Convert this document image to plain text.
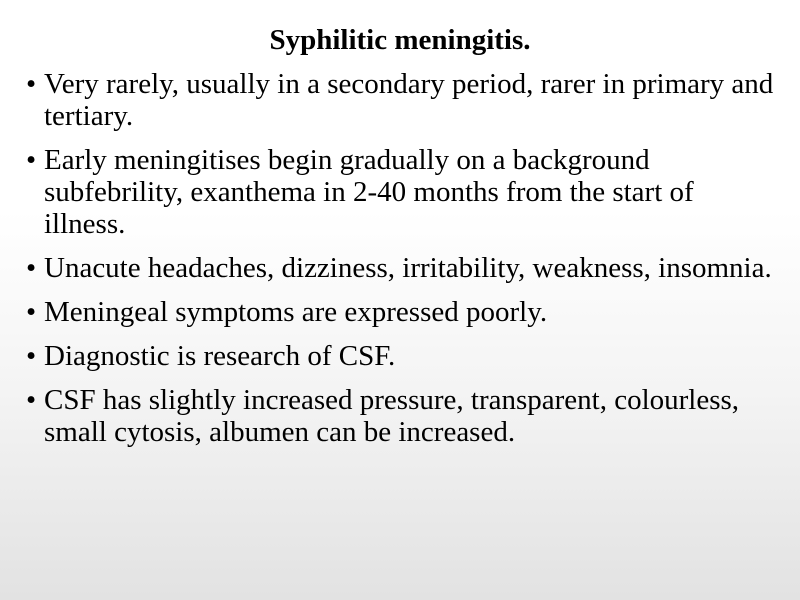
Syphilitic meningitis.
• Very rarely, usually in a secondary period, rarer in primary and tertiary.
• Early meningitises begin gradually on a background subfebrility, exanthema in 2-40 months from the start of illness.
• Unacute headaches, dizziness, irritability, weakness, insomnia.
• Meningeal symptoms are expressed poorly.
• Diagnostic is research of CSF.
• CSF has slightly increased pressure, transparent, colourless, small cytosis, albumen can be increased.
